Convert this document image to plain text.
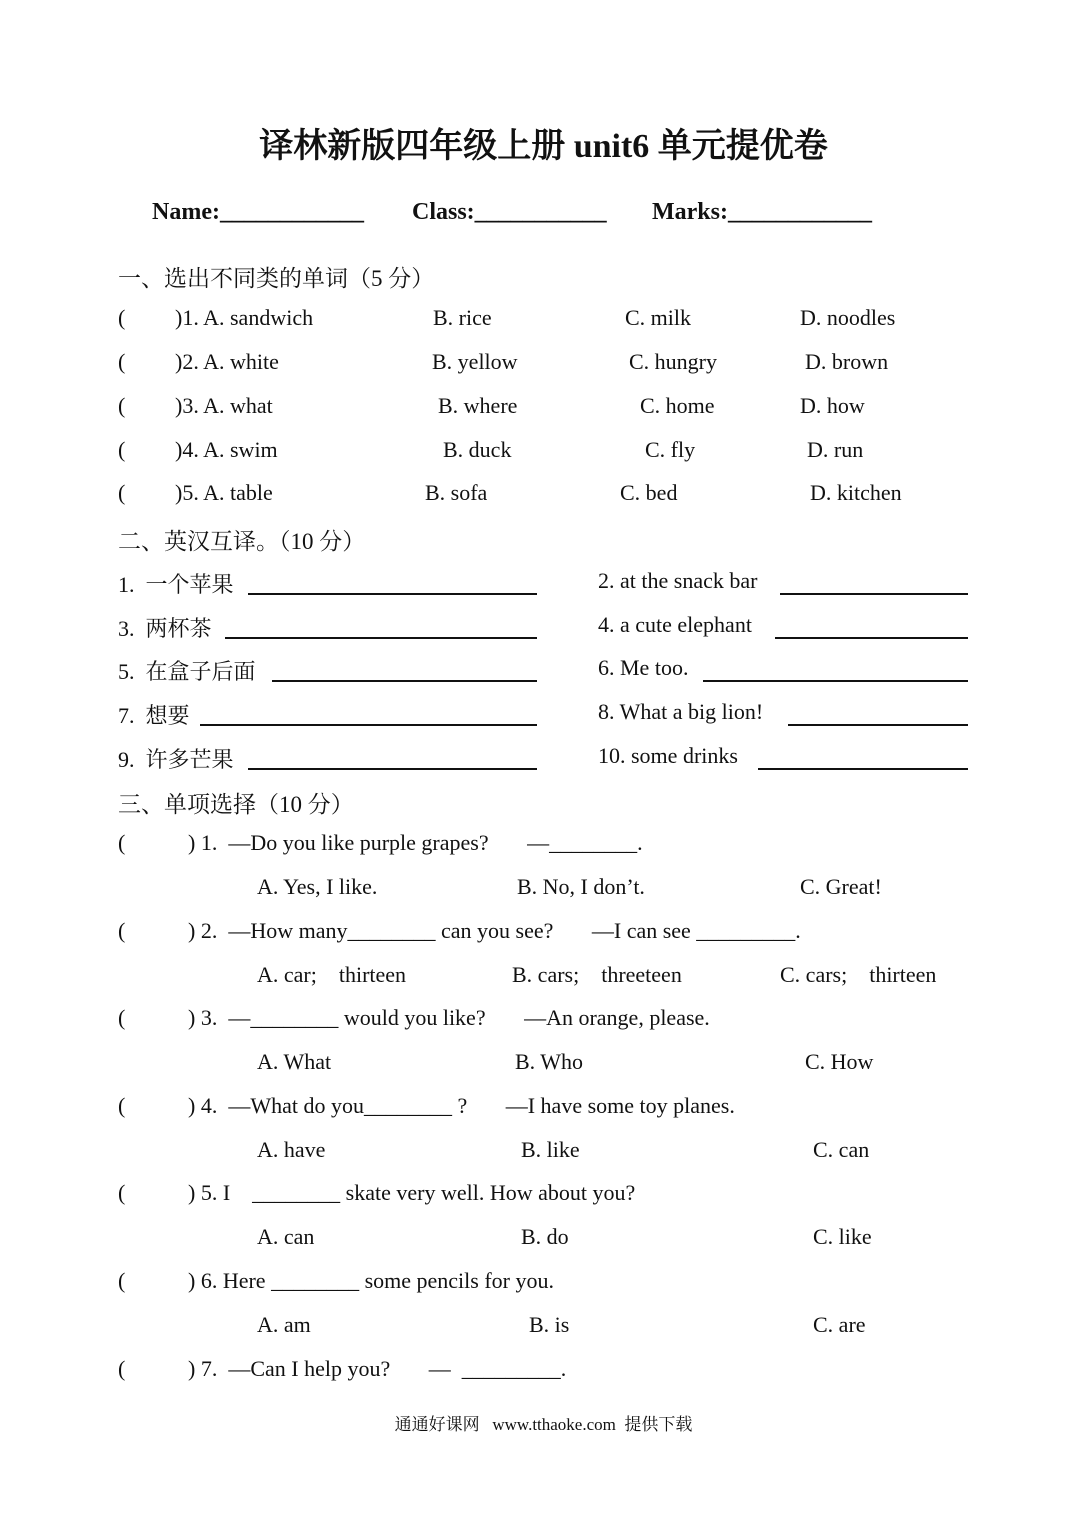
译林新版四年级上册 unit6 单元提优卷

Name:____________ Class:___________ Marks:____________

一、选出不同类的单词（5 分）
( )1. A. sandwich	B. rice	C. milk	D. noodles
( )2. A. white	B. yellow	C. hungry	D. brown
( )3. A. what	B. where	C. home	D. how
( )4. A. swim	B. duck	C. fly	D. run
( )5. A. table	B. sofa	C. bed	D. kitchen
二、英汉互译。（10 分）
1.  一个苹果	2. at the snack bar
3.  两杯茶	4. a cute elephant
5.  在盒子后面	6. Me too.
7.  想要	8. What a big lion!
9.  许多芒果	10. some drinks
三、单项选择（10 分）
(	) 1.  —Do you like purple grapes?       —________.
A. Yes, I like.	B. No, I don’t.	C. Great!
(	) 2.  —How many________ can you see?       —I can see _________.
A. car;    thirteen	B. cars;    threeteen	C. cars;    thirteen
(	) 3.  —________ would you like?       —An orange, please.
A. What	B. Who	C. How
(	) 4.  —What do you________ ?       —I have some toy planes.
A. have	B. like	C. can
(	) 5. I    ________ skate very well. How about you?
A. can	B. do	C. like
(	) 6. Here ________ some pencils for you.
A. am	B. is	C. are
(	) 7.  —Can I help you?       —  _________.
通通好课网   www.tthaoke.com  提供下载
